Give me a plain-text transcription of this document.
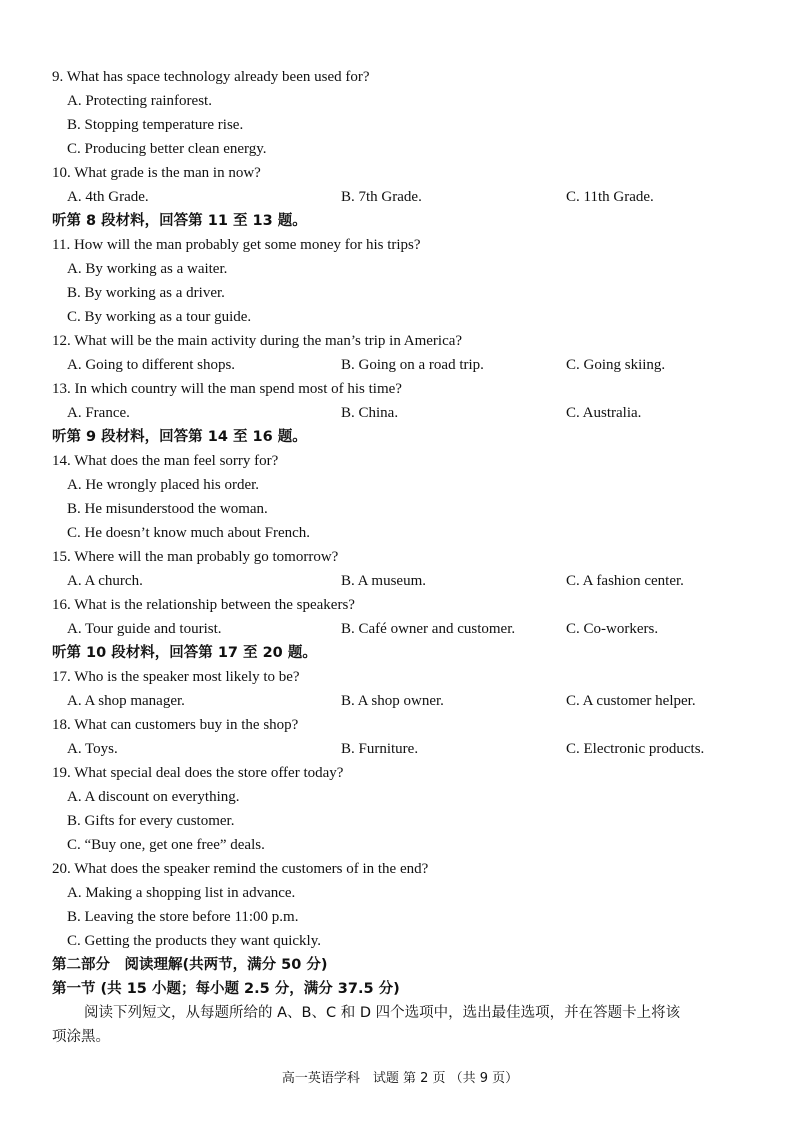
9. What has space technology already been used for?
A. Protecting rainforest.
B. Stopping temperature rise.
C. Producing better clean energy.
10. What grade is the man in now?
A. 4th Grade.	B. 7th Grade.	C. 11th Grade.
听第 8 段材料，回答第 11 至 13 题。
11. How will the man probably get some money for his trips?
A. By working as a waiter.
B. By working as a driver.
C. By working as a tour guide.
12. What will be the main activity during the man’s trip in America?
A. Going to different shops.	B. Going on a road trip.	C. Going skiing.
13. In which country will the man spend most of his time?
A. France.	B. China.	C. Australia.
听第 9 段材料，回答第 14 至 16 题。
14. What does the man feel sorry for?
A. He wrongly placed his order.
B. He misunderstood the woman.
C. He doesn’t know much about French.
15. Where will the man probably go tomorrow?
A. A church.	B. A museum.	C. A fashion center.
16. What is the relationship between the speakers?
A. Tour guide and tourist.	B. Café owner and customer.	C. Co-workers.
听第 10 段材料，回答第 17 至 20 题。
17. Who is the speaker most likely to be?
A. A shop manager.	B. A shop owner.	C. A customer helper.
18. What can customers buy in the shop?
A. Toys.	B. Furniture.	C. Electronic products.
19. What special deal does the store offer today?
A. A discount on everything.
B. Gifts for every customer.
C. “Buy one, get one free” deals.
20. What does the speaker remind the customers of in the end?
A. Making a shopping list in advance.
B. Leaving the store before 11:00 p.m.
C. Getting the products they want quickly.
第二部分　阅读理解(共两节，满分 50 分)
第一节 (共 15 小题；每小题 2.5 分，满分 37.5 分)
阅读下列短文，从每题所给的 A、B、C 和 D 四个选项中，选出最佳选项，并在答题卡上将该
项涂黑。
高一英语学科　试题 第 2 页 （共 9 页）
